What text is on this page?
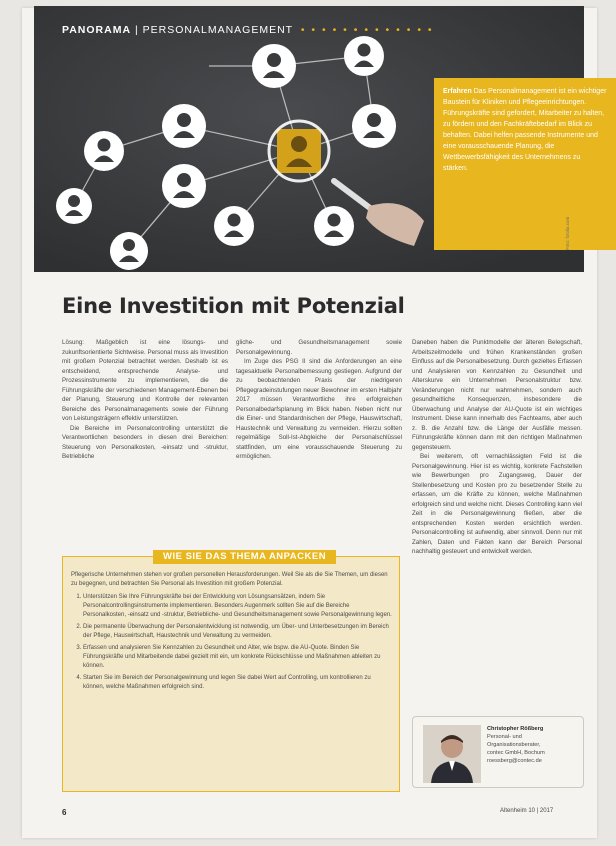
Erfahren Das Personalmanagement ist ein wichtiger Baustein für Kliniken und Pflegeeinrichtungen. Führungskräfte sind gefordert, Mitarbeiter zu halten, zu fördern und den Fachkräftebedarf im Blick zu behalten. Dabei helfen passende Instrumente und eine vorausschauende Planung, die Wettbewerbsfähigkeit des Unternehmens zu stärken.
PANORAMA | PERSONALMANAGEMENT • • • • • • • • • • • • •
Foto: fotolia.com
Eine Investition mit Potenzial

Lösung: Maßgeblich ist eine lösungs- und zukunftsorientierte Sichtweise. Personal muss als Investition mit großem Potenzial betrachtet werden. Deshalb ist es entscheidend, entsprechende Analyse- und Prozessinstrumente zu implementieren, die die Führungskräfte der verschiedenen Management-Ebenen bei der Planung, Steuerung und Kontrolle der relevanten Bereiche des Personalmanagements sowie der Führung von Leistungsträgern effektiv unterstützen.

Die Bereiche im Personalcontrolling unterstützt die Verantwortlichen besonders in diesen drei Bereichen: Steuerung von Personalkosten, -einsatz und -struktur, Betriebliche

gliche- und Gesundheitsmanagement sowie Personalgewinnung.

Im Zuge des PSG II sind die Anforderungen an eine tagesaktuelle Personalbemessung gestiegen. Aufgrund der zu beobachtenden Praxis der niedrigeren Pflegegradeinstufungen neuer Bewohner im ersten Halbjahr 2017 müssen Verantwortliche ihre erfolgreichen Personalbedarfsplanung im Blick haben. Neben nicht nur die Einer- und Standardnischen der Pflege, Hauswirtschaft, Haustechnik und Verwaltung zu vermeiden. Hierzu sollten regelmäßige Soll-Ist-Abgleiche der Personalschlüssel stattfinden, um eine vorausschauende Steuerung zu ermöglichen.

Daneben haben die Punktmodelle der älteren Belegschaft, Arbeitszeitmodelle und frühen Krankenständen großen Einfluss auf die Personalbesetzung. Durch gezieltes Erfassen und Analysieren von Kennzahlen zu Gesundheit und Alterskurve ein Unternehmen Personalstruktur bzw. Veränderungen nicht nur wahrnehmen, sondern auch gesundheitliche Konsequenzen, insbesondere die Überwachung und Analyse der AU-Quote ist ein wichtiges Instrument. Diese kann innerhalb des Fachteams, aber auch z. B. die Anzahl bzw. die Länge der Ausfälle messen. Führungskräfte können dann mit den richtigen Maßnahmen gegensteuern.

Bei weiterem, oft vernachlässigten Feld ist die Personalgewinnung. Hier ist es wichtig, konkrete Fachstellen wie Bewerbungen pro Zugangsweg, Dauer der Stellenbesetzung und Kosten pro zu besetzender Stelle zu erfassen, um die Kräfte zu können, welche Maßnahmen erfolgreich sind und welche nicht. Dieses Controlling kann viel Zeit in die Personalgewinnung fließen, aber die entsprechenden Kosten werden ersichtlich werden. Personalcontrolling ist aufwendig, aber sinnvoll. Denn nur mit Zahlen, Daten und Fakten kann der Bereich Personal nachhaltig gesteuert und entwickelt werden.

WIE SIE DAS THEMA ANPACKEN

Pflegerische Unternehmen stehen vor großen personellen Herausforderungen. Weil Sie als die Sie Themen, um diesen zu begegnen, und betrachten Sie Personal als Investition mit großem Potenzial.

1. Unterstützen Sie Ihre Führungskräfte bei der Entwicklung von Lösungsansätzen, indem Sie Personalcontrollingsinstrumente implementieren. Besonders Augenmerk sollten Sie auf die Bereiche Personalkosten, -einsatz und -struktur, Betriebliche- und Gesundheitsmanagement sowie Personalgewinnung legen.
2. Die permanente Überwachung der Personalentwicklung ist notwendig, um Über- und Unterbesetzungen im Bereich der Pflege, Hauswirtschaft, Haustechnik und Verwaltung zu vermeiden.
3. Erfassen und analysieren Sie Kennzahlen zu Gesundheit und Alter, wie bspw. die AU-Quote. Binden Sie Führungskräfte und Mitarbeitende dabei gezielt mit ein, um konkrete Rückschlüsse und Maßnahmen ableiten zu können.
4. Starten Sie im Bereich der Personalgewinnung und legen Sie dabei Wert auf Controlling, um kontrollieren zu können, welche Maßnahmen erfolgreich sind.
Christopher Rößberg
Personal- und
Organisationsberater,
contec GmbH, Bochum
roessberg@contec.de
6	Altenheim 10 | 2017
